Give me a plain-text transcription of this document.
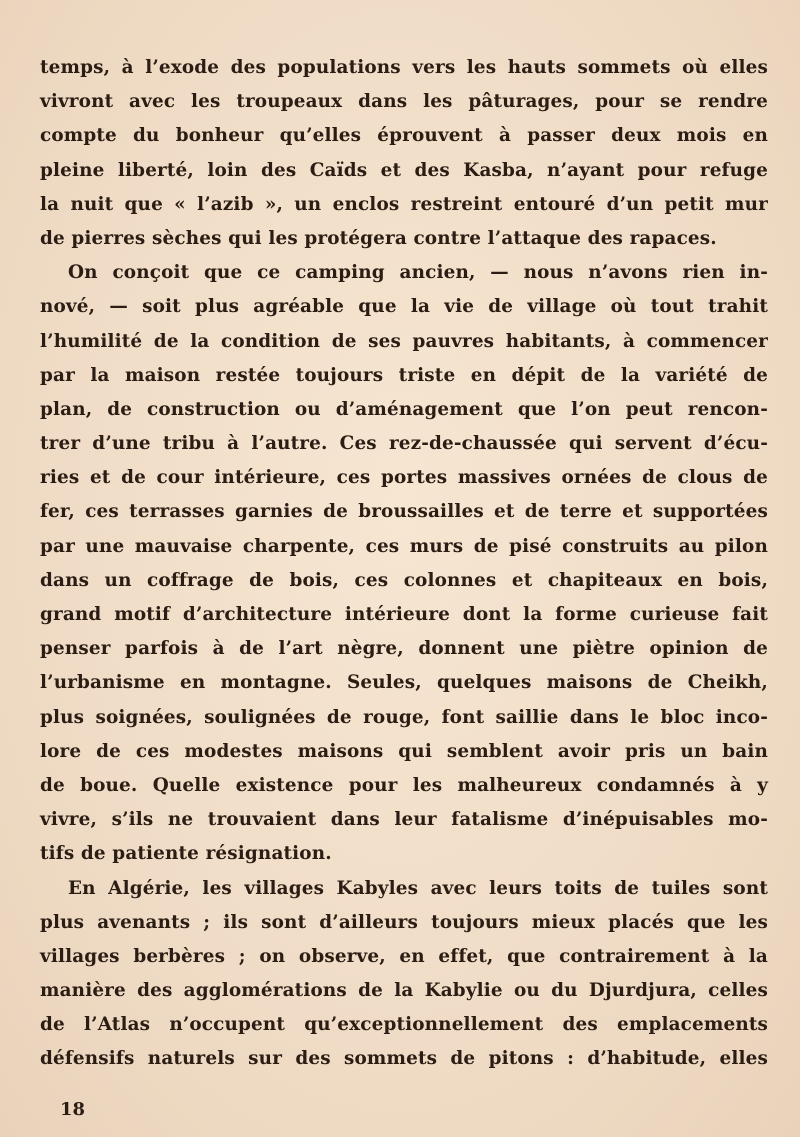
temps, à l’exode des populations vers les hauts sommets où elles
vivront avec les troupeaux dans les pâturages, pour se rendre
compte du bonheur qu’elles éprouvent à passer deux mois en
pleine liberté, loin des Caïds et des Kasba, n’ayant pour refuge
la nuit que « l’azib », un enclos restreint entouré d’un petit mur
de pierres sèches qui les protégera contre l’attaque des rapaces.
On conçoit que ce camping ancien, — nous n’avons rien in-
nové, — soit plus agréable que la vie de village où tout trahit
l’humilité de la condition de ses pauvres habitants, à commencer
par la maison restée toujours triste en dépit de la variété de
plan, de construction ou d’aménagement que l’on peut rencon-
trer d’une tribu à l’autre. Ces rez-de-chaussée qui servent d’écu-
ries et de cour intérieure, ces portes massives ornées de clous de
fer, ces terrasses garnies de broussailles et de terre et supportées
par une mauvaise charpente, ces murs de pisé construits au pilon
dans un coffrage de bois, ces colonnes et chapiteaux en bois,
grand motif d’architecture intérieure dont la forme curieuse fait
penser parfois à de l’art nègre, donnent une piètre opinion de
l’urbanisme en montagne. Seules, quelques maisons de Cheikh,
plus soignées, soulignées de rouge, font saillie dans le bloc inco-
lore de ces modestes maisons qui semblent avoir pris un bain
de boue. Quelle existence pour les malheureux condamnés à y
vivre, s’ils ne trouvaient dans leur fatalisme d’inépuisables mo-
tifs de patiente résignation.
En Algérie, les villages Kabyles avec leurs toits de tuiles sont
plus avenants ; ils sont d’ailleurs toujours mieux placés que les
villages berbères ; on observe, en effet, que contrairement à la
manière des agglomérations de la Kabylie ou du Djurdjura, celles
de l’Atlas n’occupent qu’exceptionnellement des emplacements
défensifs naturels sur des sommets de pitons : d’habitude, elles
18
